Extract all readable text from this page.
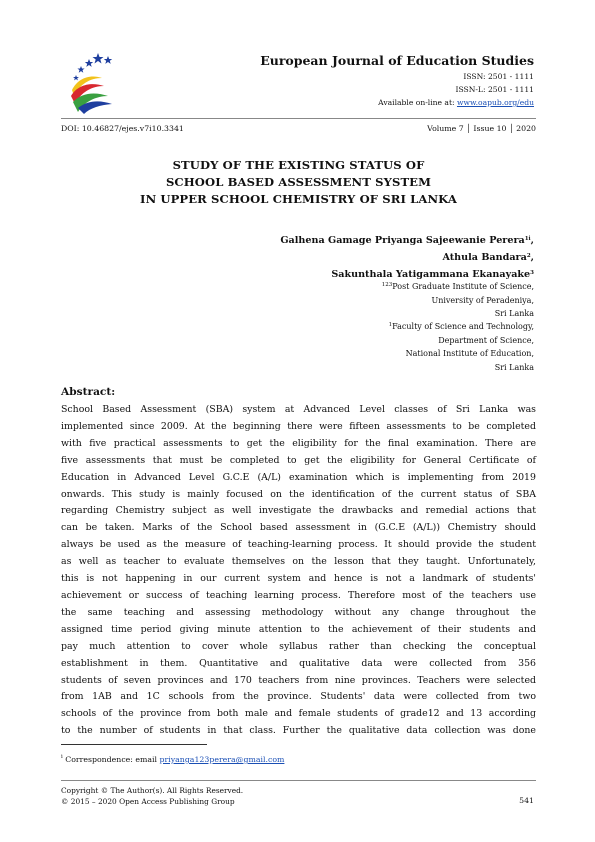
European Journal of Education Studies
ISSN: 2501 - 1111
ISSN-L: 2501 - 1111
Available on-line at: www.oapub.org/edu
DOI: 10.46827/ejes.v7i10.3341	Volume 7 │ Issue 10 │ 2020
STUDY OF THE EXISTING STATUS OF
SCHOOL BASED ASSESSMENT SYSTEM
IN UPPER SCHOOL CHEMISTRY OF SRI LANKA
Galhena Gamage Priyanga Sajeewanie Perera$^{1i}$,
Athula Bandara$^2$,
Sakunthala Yatigammana Ekanayake$^3$
$^{123}$Post Graduate Institute of Science,
University of Peradeniya,
Sri Lanka
$^1$Faculty of Science and Technology,
Department of Science,
National Institute of Education,
Sri Lanka
Abstract:
School Based Assessment (SBA) system at Advanced Level classes of Sri Lanka was
implemented since 2009. At the beginning there were fifteen assessments to be completed
with five practical assessments to get the eligibility for the final examination. There are
five assessments that must be completed to get the eligibility for General Certificate of
Education in Advanced Level G.C.E (A/L) examination which is implementing from 2019
onwards. This study is mainly focused on the identification of the current status of SBA
regarding Chemistry subject as well investigate the drawbacks and remedial actions that
can be taken. Marks of the School based assessment in (G.C.E (A/L)) Chemistry should
always be used as the measure of teaching-learning process. It should provide the student
as well as teacher to evaluate themselves on the lesson that they taught. Unfortunately,
this is not happening in our current system and hence is not a landmark of students'
achievement or success of teaching learning process. Therefore most of the teachers use
the same teaching and assessing methodology without any change throughout the
assigned time period giving minute attention to the achievement of their students and
pay much attention to cover whole syllabus rather than checking the conceptual
establishment in them. Quantitative and qualitative data were collected from 356
students of seven provinces and 170 teachers from nine provinces. Teachers were selected
from 1AB and 1C schools from the province. Students' data were collected from two
schools of the province from both male and female students of grade12 and 13 according
to the number of students in that class. Further the qualitative data collection was done
$^i$ Correspondence: email priyanga123perera@gmail.com
Copyright © The Author(s). All Rights Reserved.
© 2015 – 2020 Open Access Publishing Group	541
